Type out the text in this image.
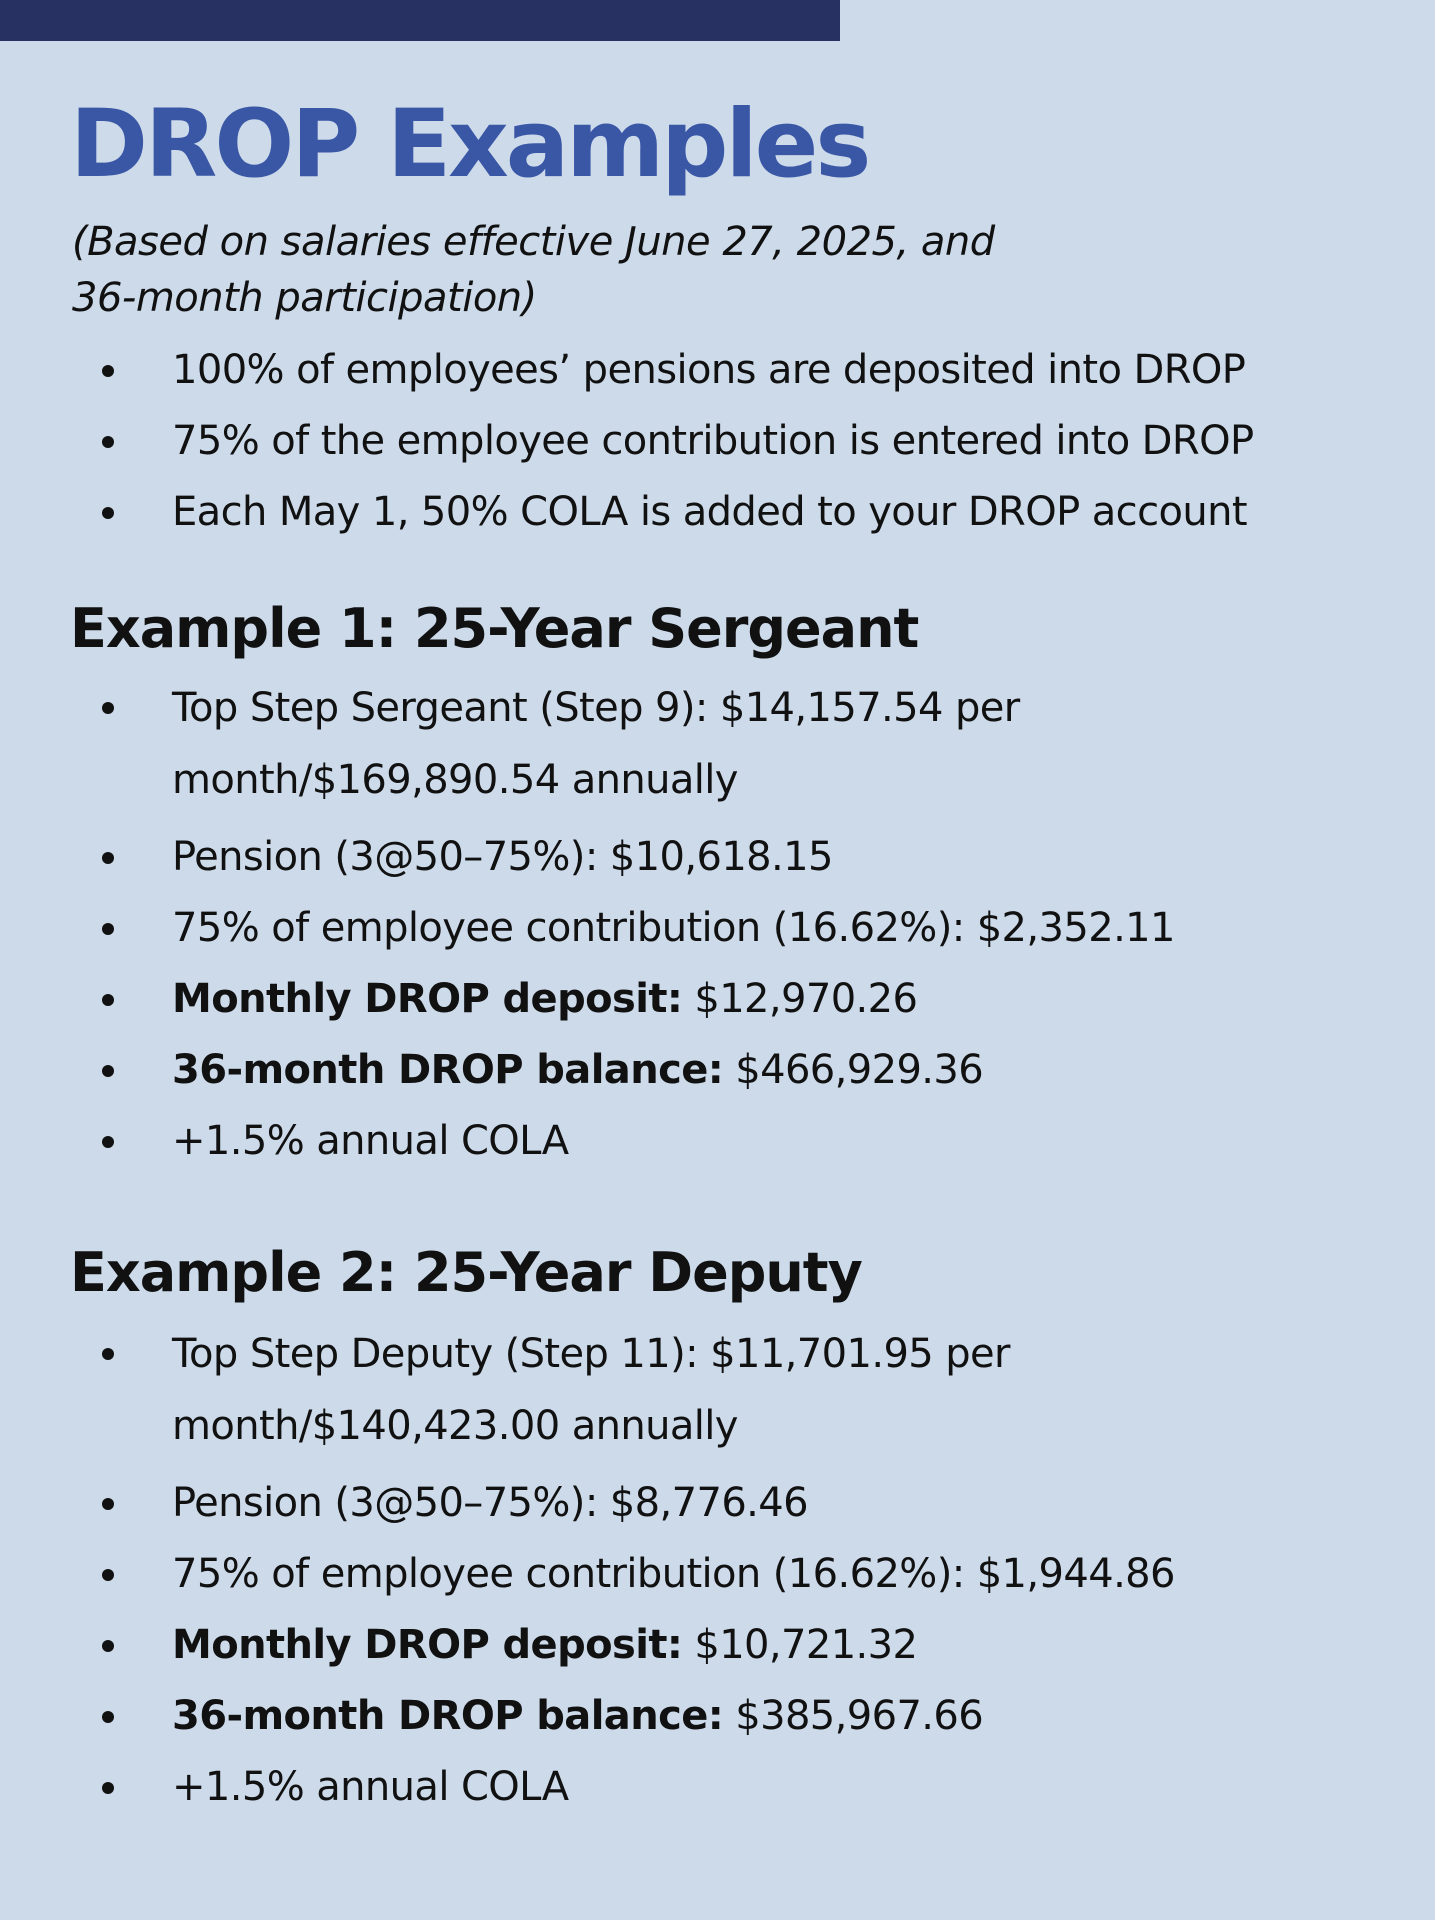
DROP Examples

(Based on salaries effective June 27, 2025, and
36-month participation)

100% of employees’ pensions are deposited into DROP
75% of the employee contribution is entered into DROP
Each May 1, 50% COLA is added to your DROP account
Example 1: 25-Year Sergeant
Top Step Sergeant (Step 9): $14,157.54 per month/$169,890.54 annually
Pension (3@50–75%): $10,618.15
75% of employee contribution (16.62%): $2,352.11
Monthly DROP deposit: $12,970.26
36-month DROP balance: $466,929.36
+1.5% annual COLA
Example 2: 25-Year Deputy
Top Step Deputy (Step 11): $11,701.95 per month/$140,423.00 annually
Pension (3@50–75%): $8,776.46
75% of employee contribution (16.62%): $1,944.86
Monthly DROP deposit: $10,721.32
36-month DROP balance: $385,967.66
+1.5% annual COLA
